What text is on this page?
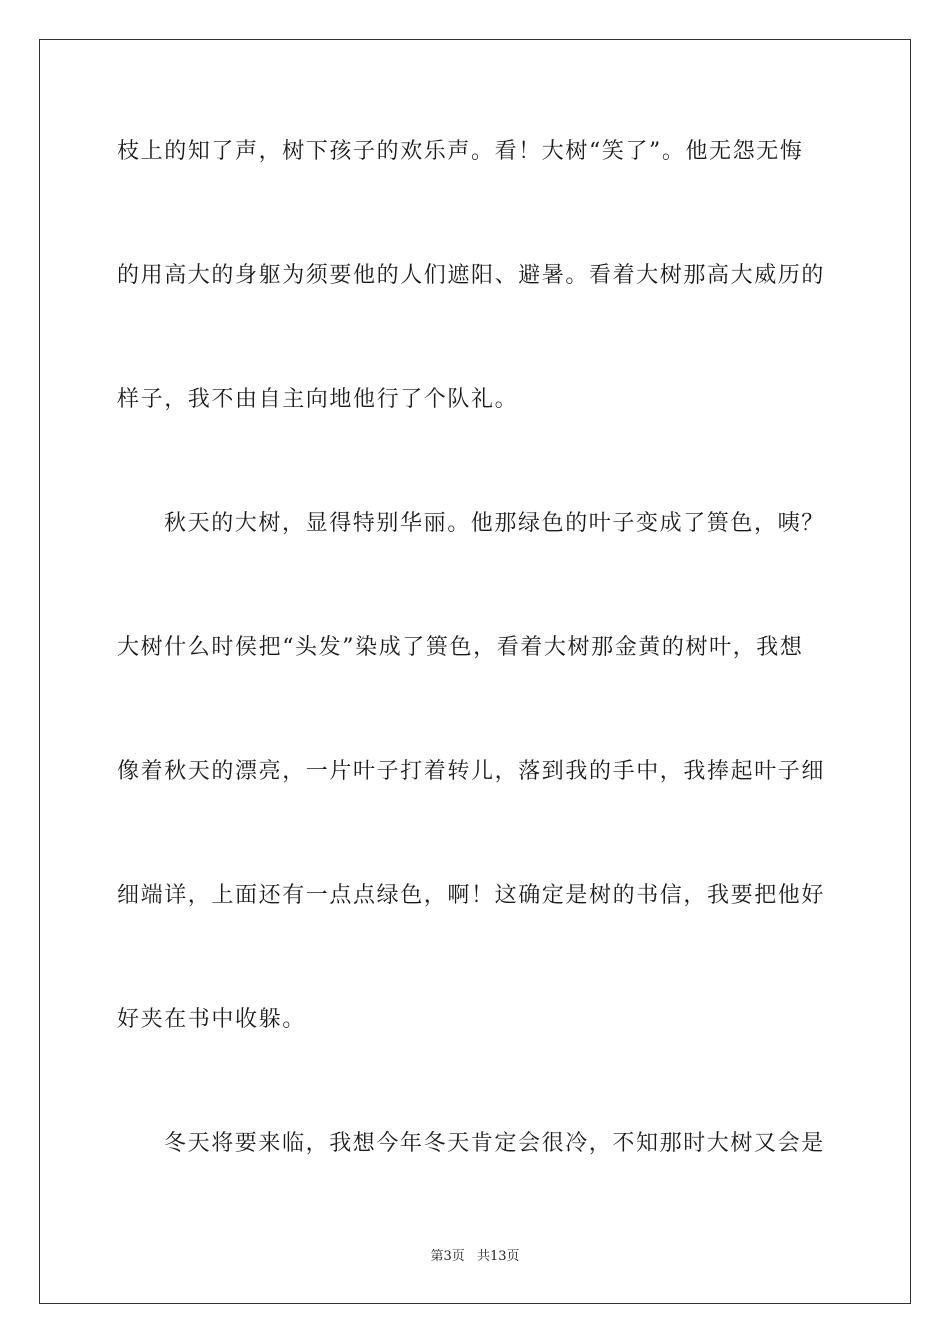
枝上的知了声，树下孩子的欢乐声。看！大树“笑了”。他无怨无悔
的用高大的身躯为须要他的人们遮阳、避暑。看着大树那高大威历的
样子，我不由自主向地他行了个队礼。
秋天的大树，显得特别华丽。他那绿色的叶子变成了篑色，咦？
大树什么时侯把“头发”染成了篑色，看着大树那金黄的树叶，我想
像着秋天的漂亮，一片叶子打着转儿，落到我的手中，我捧起叶子细
细端详，上面还有一点点绿色，啊！这确定是树的书信，我要把他好
好夹在书中收躲。
冬天将要来临，我想今年冬天肯定会很冷，不知那时大树又会是
第3页 共13页
